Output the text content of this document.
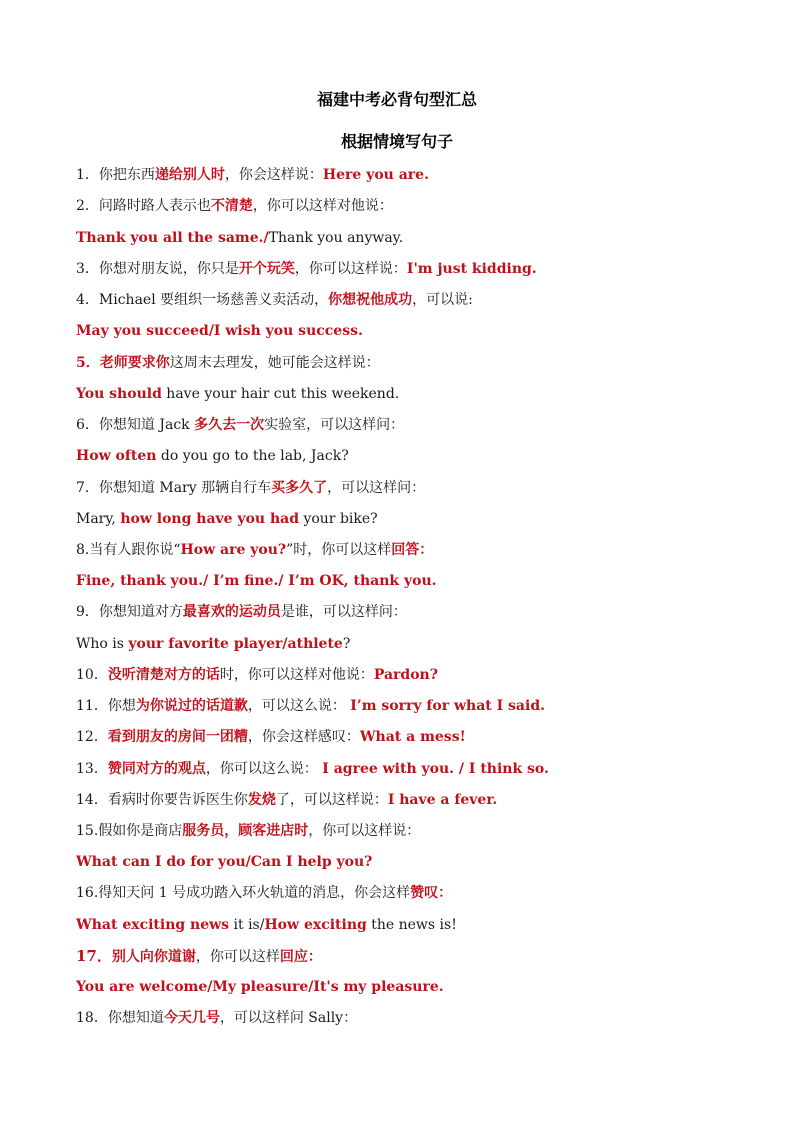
福建中考必背句型汇总
根据情境写句子
1．你把东西递给别人时，你会这样说：Here you are.
2．问路时路人表示也不清楚，你可以这样对他说：
Thank you all the same./Thank you anyway.
3．你想对朋友说，你只是开个玩笑，你可以这样说：I'm just kidding.
4．Michael 要组织一场慈善义卖活动，你想祝他成功，可以说:
May you succeed/I wish you success.
5．老师要求你这周末去理发，她可能会这样说：
You should have your hair cut this weekend.
6．你想知道 Jack 多久去一次实验室，可以这样问：
How often do you go to the lab, Jack?
7．你想知道 Mary 那辆自行车买多久了，可以这样问：
Mary, how long have you had your bike?
8.当有人跟你说“How are you?”时，你可以这样回答：
Fine, thank you./ I’m fine./ I’m OK, thank you.
9．你想知道对方最喜欢的运动员是谁，可以这样问：
Who is your favorite player/athlete?
10．没听清楚对方的话时，你可以这样对他说：Pardon?
11．你想为你说过的话道歉，可以这么说： I’m sorry for what I said.
12．看到朋友的房间一团糟，你会这样感叹：What a mess!
13．赞同对方的观点，你可以这么说： I agree with you. / I think so.
14．看病时你要告诉医生你发烧了，可以这样说：I have a fever.
15.假如你是商店服务员，顾客进店时，你可以这样说：
What can I do for you/Can I help you?
16.得知天问 1 号成功踏入环火轨道的消息，你会这样赞叹：
What exciting news it is/How exciting the news is!
17．别人向你道谢，你可以这样回应：
You are welcome/My pleasure/It's my pleasure.
18．你想知道今天几号，可以这样问 Sally：
